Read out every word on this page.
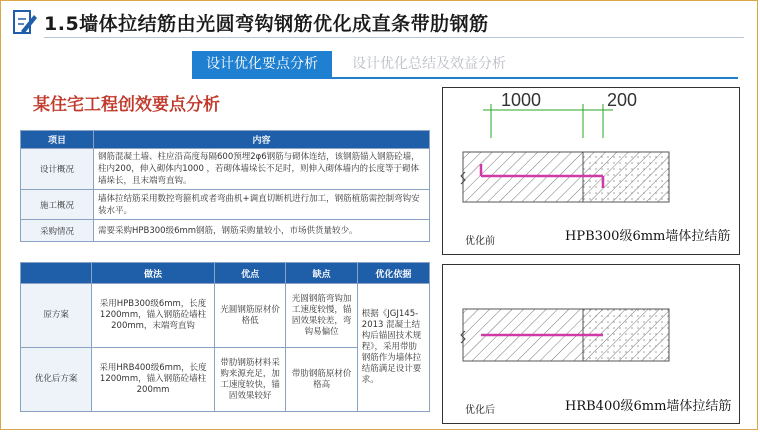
1.5墙体拉结筋由光圆弯钩钢筋优化成直条带肋钢筋
设计优化要点分析	设计优化总结及效益分析
某住宅工程创效要点分析
项目	内容
设计概况	钢筋混凝土墙、柱应沿高度每隔600预埋2φ6钢筋与砌体连结，该钢筋锚入钢筋砼墙，柱内200，伸入砌体内1000 ，若砌体墙垛长不足时，则伸入砌体墙内的长度等于砌体墙垛长，且末端弯直钩。
施工概况	墙体拉结筋采用数控弯箍机或者弯曲机+调直切断机进行加工，钢筋植筋需控制弯钩安装水平。
采购情况	需要采购HPB300级6mm钢筋，钢筋采购量较小，市场供货量较少。
	做法	优点	缺点	优化依据
原方案	采用HPB300级6mm，长度1200mm，锚入钢筋砼墙柱200mm，末端弯直钩	光圆钢筋原材价格低	光圆钢筋弯钩加工速度较慢，锚固效果较差，弯钩易偏位	根据《JGJ145-2013 混凝土结构后锚固技术规程》，采用带肋钢筋作为墙体拉结筋满足设计要求。
优化后方案	采用HRB400级6mm，长度1200mm，锚入钢筋砼墙柱200mm	带肋钢筋材料采购来源充足，加工速度较快，锚固效果较好	带肋钢筋原材价格高	
1000	200
优化前	HPB300级6mm墙体拉结筋
优化后	HRB400级6mm墙体拉结筋
